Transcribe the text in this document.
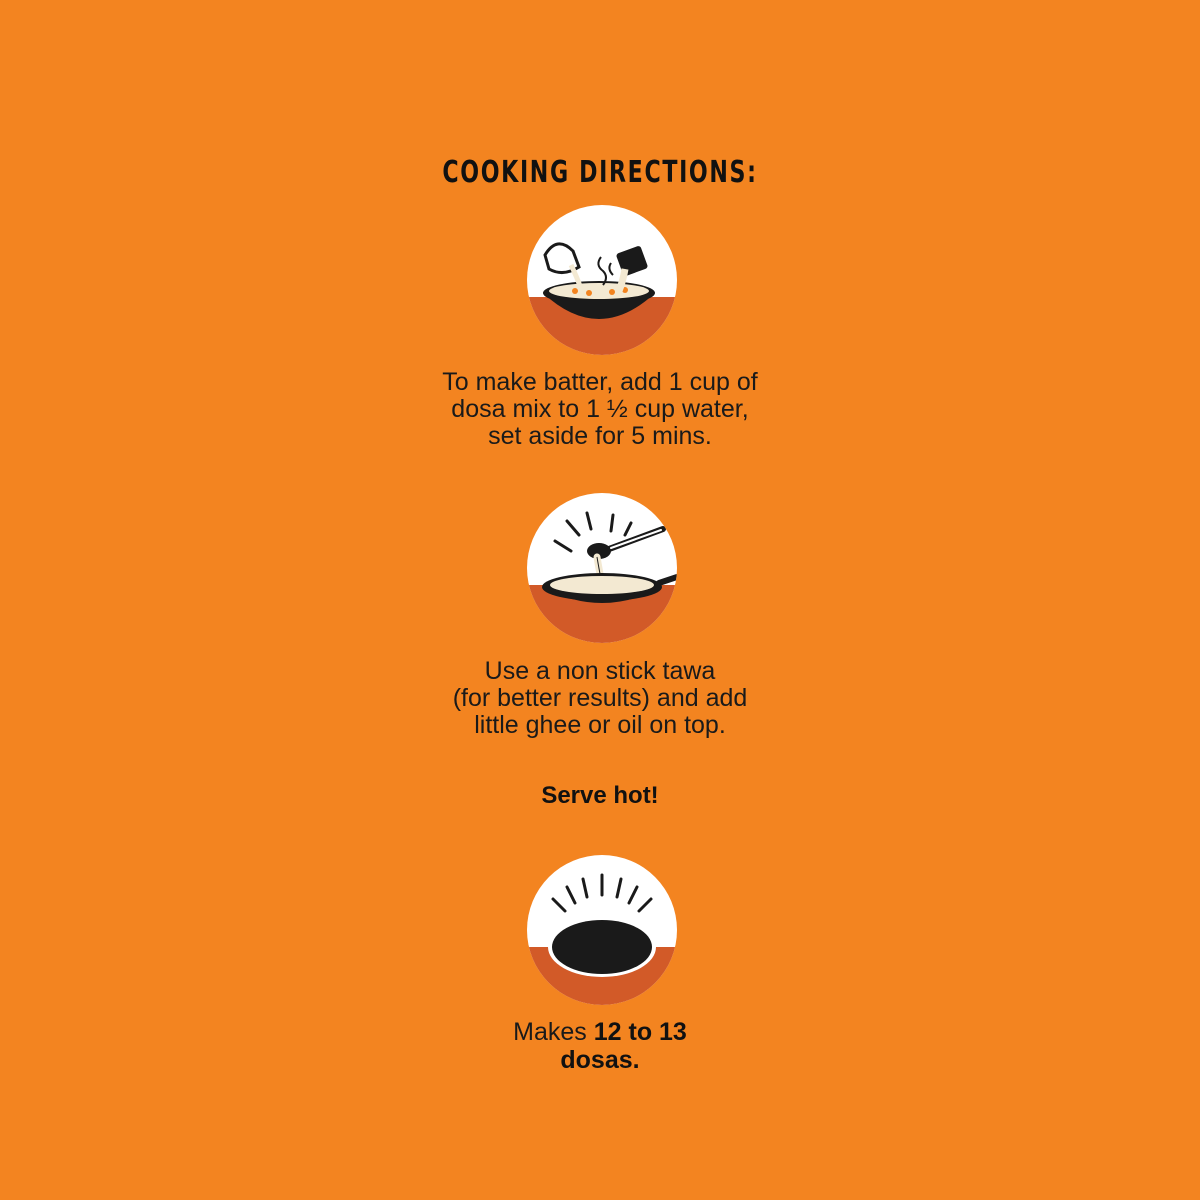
COOKING DIRECTIONS:

To make batter, add 1 cup of
dosa mix to 1 ½ cup water,
set aside for 5 mins.

Use a non stick tawa
(for better results) and add
little ghee or oil on top.

Serve hot!

Makes 12 to 13
dosas.
